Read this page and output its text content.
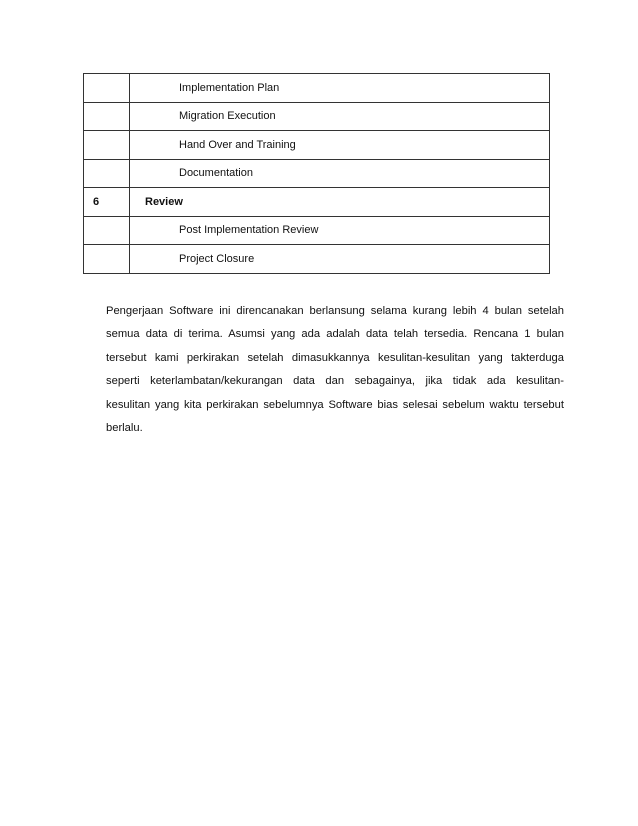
	Implementation Plan
	Migration Execution
	Hand Over and Training
	Documentation
6	Review
	Post Implementation Review
	Project Closure
Pengerjaan Software ini direncanakan berlansung selama kurang lebih 4 bulan setelah
semua data di terima. Asumsi yang ada adalah data telah tersedia. Rencana 1 bulan
tersebut kami perkirakan setelah dimasukkannya kesulitan-kesulitan yang takterduga
seperti keterlambatan/kekurangan data dan sebagainya, jika tidak ada kesulitan-
kesulitan yang kita perkirakan sebelumnya Software bias selesai sebelum waktu tersebut
berlalu.
